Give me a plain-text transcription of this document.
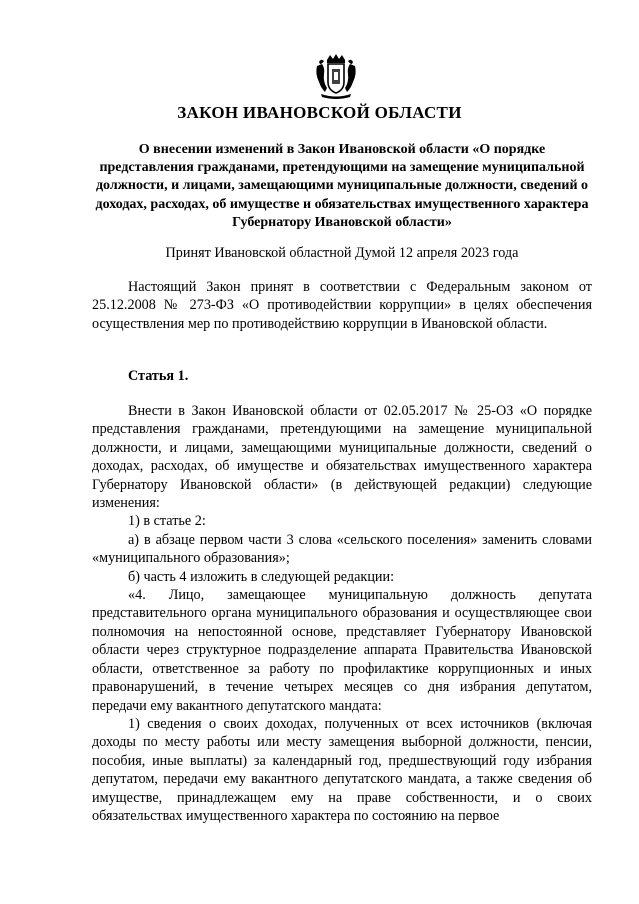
ЗАКОН ИВАНОВСКОЙ ОБЛАСТИ
О внесении изменений в Закон Ивановской области «О порядке представления гражданами, претендующими на замещение муниципальной должности, и лицами, замещающими муниципальные должности, сведений о доходах, расходах, об имуществе и обязательствах имущественного характера Губернатору Ивановской области»
Принят Ивановской областной Думой 12 апреля 2023 года

Настоящий Закон принят в соответствии с Федеральным законом от 25.12.2008 № 273-ФЗ «О противодействии коррупции» в целях обеспечения осуществления мер по противодействию коррупции в Ивановской области.

Статья 1.

Внести в Закон Ивановской области от 02.05.2017 № 25-ОЗ «О порядке представления гражданами, претендующими на замещение муниципальной должности, и лицами, замещающими муниципальные должности, сведений о доходах, расходах, об имуществе и обязательствах имущественного характера Губернатору Ивановской области» (в действующей редакции) следующие изменения:

1) в статье 2:

а) в абзаце первом части 3 слова «сельского поселения» заменить словами «муниципального образования»;

б) часть 4 изложить в следующей редакции:

«4. Лицо, замещающее муниципальную должность депутата представительного органа муниципального образования и осуществляющее свои полномочия на непостоянной основе, представляет Губернатору Ивановской области через структурное подразделение аппарата Правительства Ивановской области, ответственное за работу по профилактике коррупционных и иных правонарушений, в течение четырех месяцев со дня избрания депутатом, передачи ему вакантного депутатского мандата:

1) сведения о своих доходах, полученных от всех источников (включая доходы по месту работы или месту замещения выборной должности, пенсии, пособия, иные выплаты) за календарный год, предшествующий году избрания депутатом, передачи ему вакантного депутатского мандата, а также сведения об имуществе, принадлежащем ему на праве собственности, и о своих обязательствах имущественного характера по состоянию на первое
